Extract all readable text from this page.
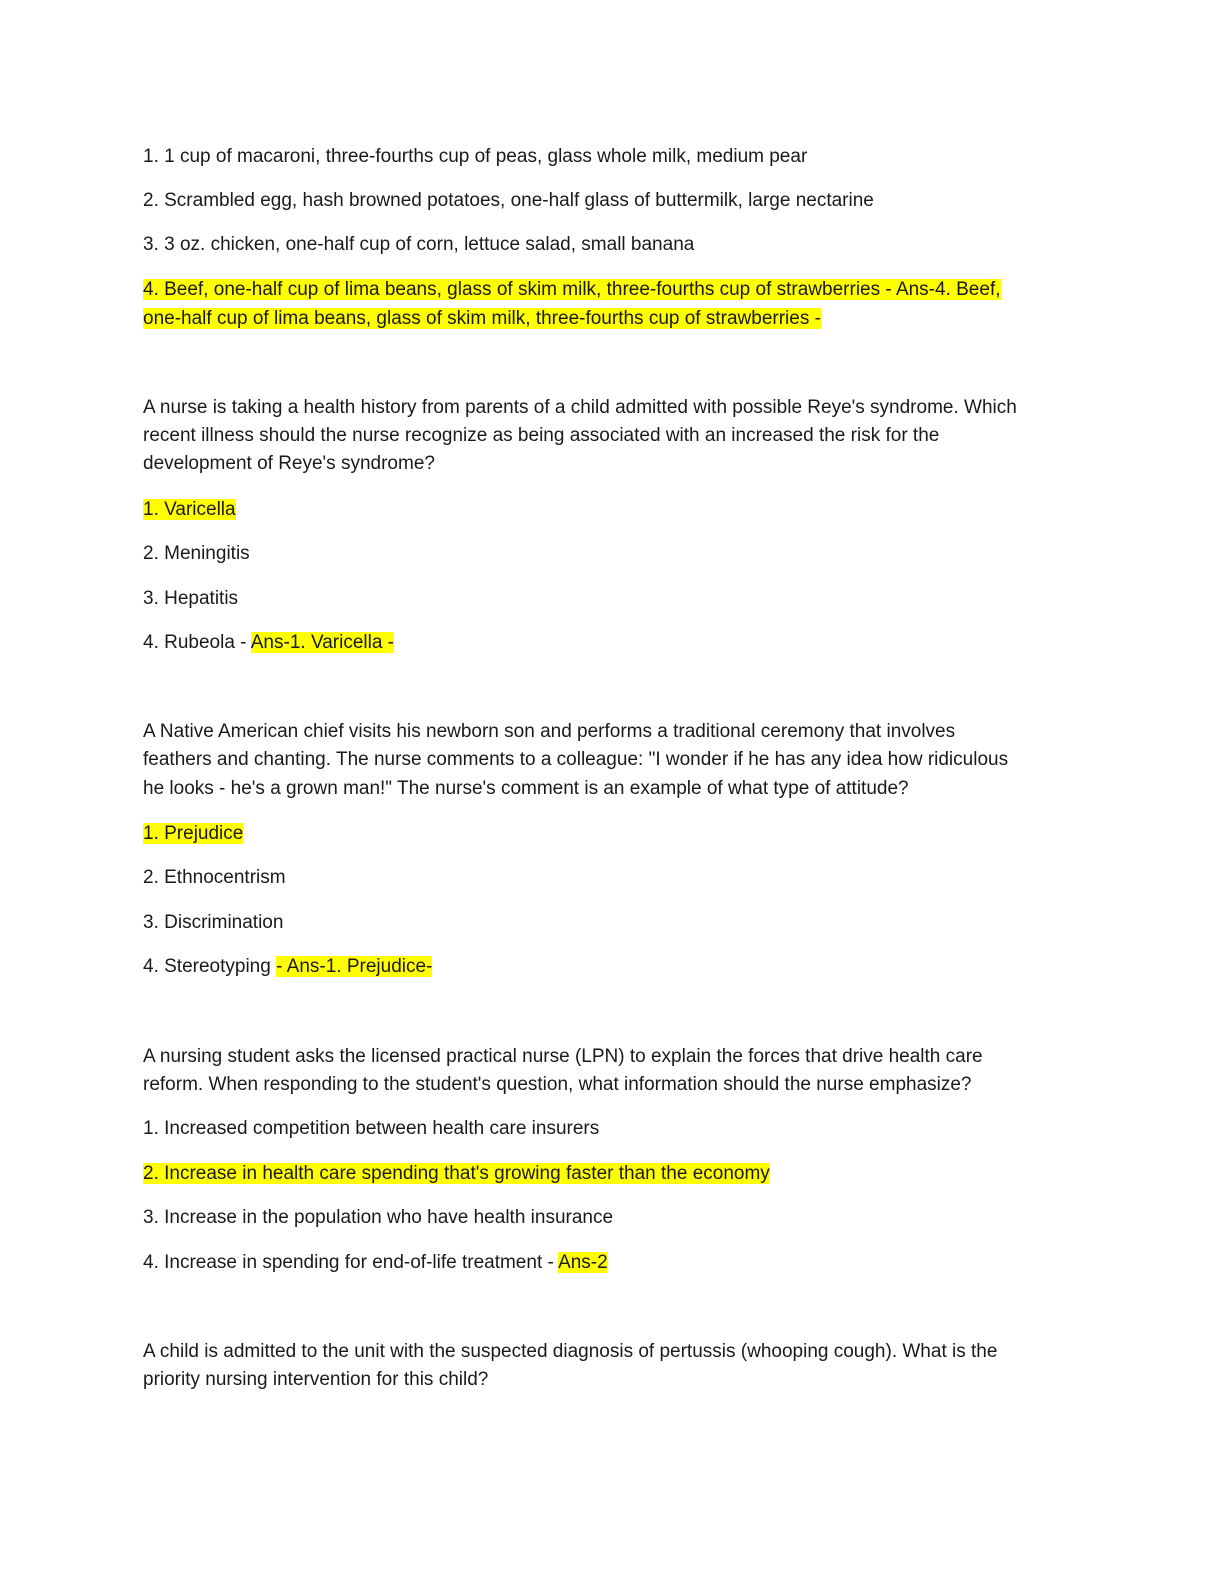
1. 1 cup of macaroni, three-fourths cup of peas, glass whole milk, medium pear
2. Scrambled egg, hash browned potatoes, one-half glass of buttermilk, large nectarine
3. 3 oz. chicken, one-half cup of corn, lettuce salad, small banana
4. Beef, one-half cup of lima beans, glass of skim milk, three-fourths cup of strawberries - Ans-4. Beef,
one-half cup of lima beans, glass of skim milk, three-fourths cup of strawberries -
A nurse is taking a health history from parents of a child admitted with possible Reye's syndrome. Which
recent illness should the nurse recognize as being associated with an increased the risk for the
development of Reye's syndrome?
1. Varicella
2. Meningitis
3. Hepatitis
4. Rubeola - Ans-1. Varicella -
A Native American chief visits his newborn son and performs a traditional ceremony that involves
feathers and chanting. The nurse comments to a colleague: "I wonder if he has any idea how ridiculous
he looks - he's a grown man!" The nurse's comment is an example of what type of attitude?
1. Prejudice
2. Ethnocentrism
3. Discrimination
4. Stereotyping - Ans-1. Prejudice-
A nursing student asks the licensed practical nurse (LPN) to explain the forces that drive health care
reform. When responding to the student's question, what information should the nurse emphasize?
1. Increased competition between health care insurers
2. Increase in health care spending that's growing faster than the economy
3. Increase in the population who have health insurance
4. Increase in spending for end-of-life treatment - Ans-2
A child is admitted to the unit with the suspected diagnosis of pertussis (whooping cough). What is the
priority nursing intervention for this child?
